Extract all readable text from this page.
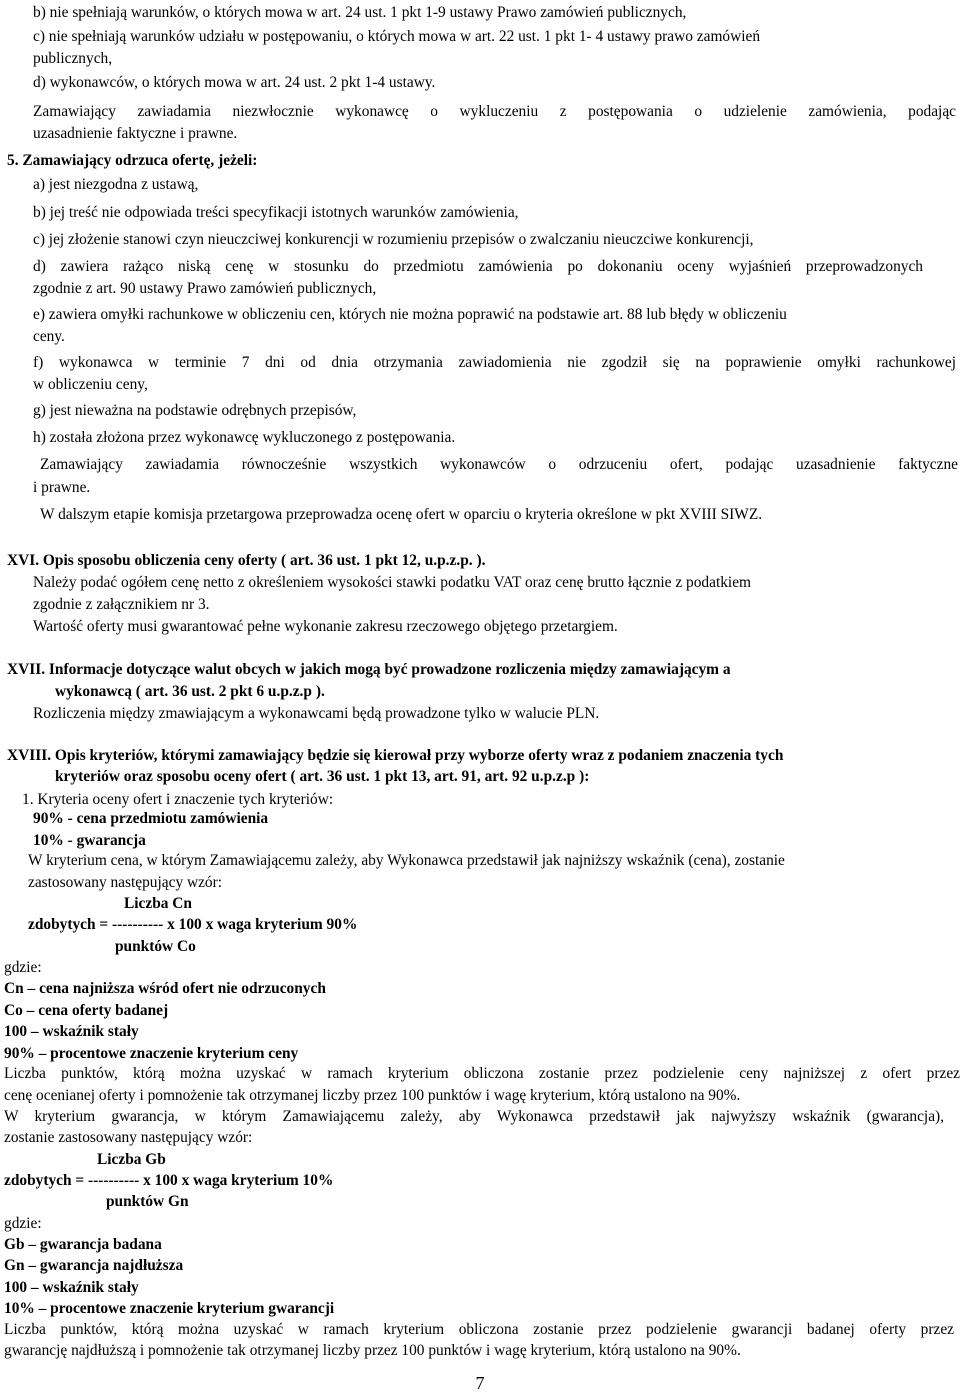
b) nie spełniają warunków, o których mowa w art. 24 ust. 1 pkt 1-9 ustawy Prawo zamówień publicznych,

c) nie spełniają warunków udziału w postępowaniu, o których mowa w art. 22 ust. 1 pkt 1- 4 ustawy prawo zamówień

publicznych,

d) wykonawców, o których mowa w art. 24 ust. 2 pkt 1-4 ustawy.

Zamawiający zawiadamia niezwłocznie wykonawcę o wykluczeniu z postępowania o udzielenie zamówienia, podając

uzasadnienie faktyczne i prawne.

5. Zamawiający odrzuca ofertę, jeżeli:

a) jest niezgodna z ustawą,

b) jej treść nie odpowiada treści specyfikacji istotnych warunków zamówienia,

c) jej złożenie stanowi czyn nieuczciwej konkurencji w rozumieniu przepisów o zwalczaniu nieuczciwe konkurencji,

d) zawiera rażąco niską cenę w stosunku do przedmiotu zamówienia po dokonaniu oceny wyjaśnień przeprowadzonych

zgodnie z art. 90 ustawy Prawo zamówień publicznych,

e) zawiera omyłki rachunkowe w obliczeniu cen, których nie można poprawić na podstawie art. 88 lub błędy w obliczeniu

ceny.

f) wykonawca w terminie 7 dni od dnia otrzymania zawiadomienia nie zgodził się na poprawienie omyłki rachunkowej

w obliczeniu ceny,

g) jest nieważna na podstawie odrębnych przepisów,

h) została złożona przez wykonawcę wykluczonego z postępowania.

Zamawiający zawiadamia równocześnie wszystkich wykonawców o odrzuceniu ofert, podając uzasadnienie faktyczne

i prawne.

W dalszym etapie komisja przetargowa przeprowadza ocenę ofert w oparciu o kryteria określone w pkt XVIII SIWZ.

XVI. Opis sposobu obliczenia ceny oferty ( art. 36 ust. 1 pkt 12, u.p.z.p. ).

Należy podać ogółem cenę netto z określeniem wysokości stawki podatku VAT oraz cenę brutto łącznie z podatkiem

zgodnie z załącznikiem nr 3.

Wartość oferty musi gwarantować pełne wykonanie zakresu rzeczowego objętego przetargiem.

XVII. Informacje dotyczące walut obcych w jakich mogą być prowadzone rozliczenia między zamawiającym a

wykonawcą ( art. 36 ust. 2 pkt 6 u.p.z.p ).

Rozliczenia między zmawiającym a wykonawcami będą prowadzone tylko w walucie PLN.

XVIII. Opis kryteriów, którymi zamawiający będzie się kierował przy wyborze oferty wraz z podaniem znaczenia tych

kryteriów oraz sposobu oceny ofert ( art. 36 ust. 1 pkt 13, art. 91, art. 92 u.p.z.p ):

1. Kryteria oceny ofert i znaczenie tych kryteriów:

90% - cena przedmiotu zamówienia

10% - gwarancja

W kryterium cena, w którym Zamawiającemu zależy, aby Wykonawca przedstawił jak najniższy wskaźnik (cena), zostanie

zastosowany następujący wzór:

Liczba Cn

zdobytych = ---------- x 100 x waga kryterium 90%

punktów Co

gdzie:

Cn – cena najniższa wśród ofert nie odrzuconych

Co – cena oferty badanej

100 – wskaźnik stały

90% – procentowe znaczenie kryterium ceny

Liczba punktów, którą można uzyskać w ramach kryterium obliczona zostanie przez podzielenie ceny najniższej z ofert przez

cenę ocenianej oferty i pomnożenie tak otrzymanej liczby przez 100 punktów i wagę kryterium, którą ustalono na 90%.

W kryterium gwarancja, w którym Zamawiającemu zależy, aby Wykonawca przedstawił jak najwyższy wskaźnik (gwarancja),

zostanie zastosowany następujący wzór:

Liczba Gb

zdobytych = ---------- x 100 x waga kryterium 10%

punktów Gn

gdzie:

Gb – gwarancja badana

Gn – gwarancja najdłuższa

100 – wskaźnik stały

10% – procentowe znaczenie kryterium gwarancji

Liczba punktów, którą można uzyskać w ramach kryterium obliczona zostanie przez podzielenie gwarancji badanej oferty przez

gwarancję najdłuższą i pomnożenie tak otrzymanej liczby przez 100 punktów i wagę kryterium, którą ustalono na 90%.

7
